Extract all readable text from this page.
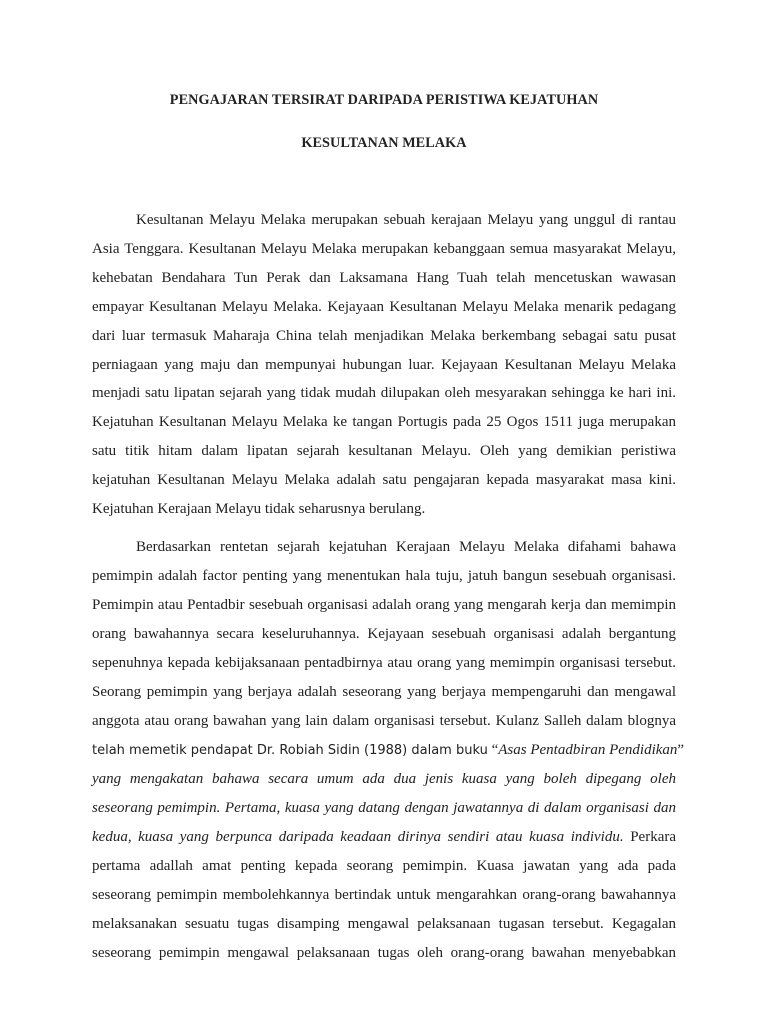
PENGAJARAN TERSIRAT DARIPADA PERISTIWA KEJATUHAN
KESULTANAN MELAKA

Kesultanan Melayu Melaka merupakan sebuah kerajaan Melayu yang unggul di rantau

Asia Tenggara. Kesultanan Melayu Melaka merupakan kebanggaan semua masyarakat Melayu,

kehebatan Bendahara Tun Perak dan Laksamana Hang Tuah telah mencetuskan wawasan

empayar Kesultanan Melayu Melaka. Kejayaan Kesultanan Melayu Melaka menarik pedagang

dari luar termasuk Maharaja China telah menjadikan Melaka berkembang sebagai satu pusat

perniagaan yang maju dan mempunyai hubungan luar. Kejayaan Kesultanan Melayu Melaka

menjadi satu lipatan sejarah yang tidak mudah dilupakan oleh mesyarakan sehingga ke hari ini.

Kejatuhan Kesultanan Melayu Melaka ke tangan Portugis pada 25 Ogos 1511 juga merupakan

satu titik hitam dalam lipatan sejarah kesultanan Melayu. Oleh yang demikian peristiwa

kejatuhan Kesultanan Melayu Melaka adalah satu pengajaran kepada masyarakat masa kini.

Kejatuhan Kerajaan Melayu tidak seharusnya berulang.

Berdasarkan rentetan sejarah kejatuhan Kerajaan Melayu Melaka difahami bahawa

pemimpin adalah factor penting yang menentukan hala tuju, jatuh bangun sesebuah organisasi.

Pemimpin atau Pentadbir sesebuah organisasi adalah orang yang mengarah kerja dan memimpin

orang bawahannya secara keseluruhannya. Kejayaan sesebuah organisasi adalah bergantung

sepenuhnya kepada kebijaksanaan pentadbirnya atau orang yang memimpin organisasi tersebut.

Seorang pemimpin yang berjaya adalah seseorang yang berjaya mempengaruhi dan mengawal

anggota atau orang bawahan yang lain dalam organisasi tersebut. Kulanz Salleh dalam blognya

telah memetik pendapat Dr. Robiah Sidin (1988) dalam buku “Asas Pentadbiran Pendidikan”

yang mengakatan bahawa secara umum ada dua jenis kuasa yang boleh dipegang oleh

seseorang pemimpin. Pertama, kuasa yang datang dengan jawatannya di dalam organisasi dan

kedua, kuasa yang berpunca daripada keadaan dirinya sendiri atau kuasa individu. Perkara

pertama adallah amat penting kepada seorang pemimpin. Kuasa jawatan yang ada pada

seseorang pemimpin membolehkannya bertindak untuk mengarahkan orang-orang bawahannya

melaksanakan sesuatu tugas disamping mengawal pelaksanaan tugasan tersebut. Kegagalan

seseorang pemimpin mengawal pelaksanaan tugas oleh orang-orang bawahan menyebabkan
